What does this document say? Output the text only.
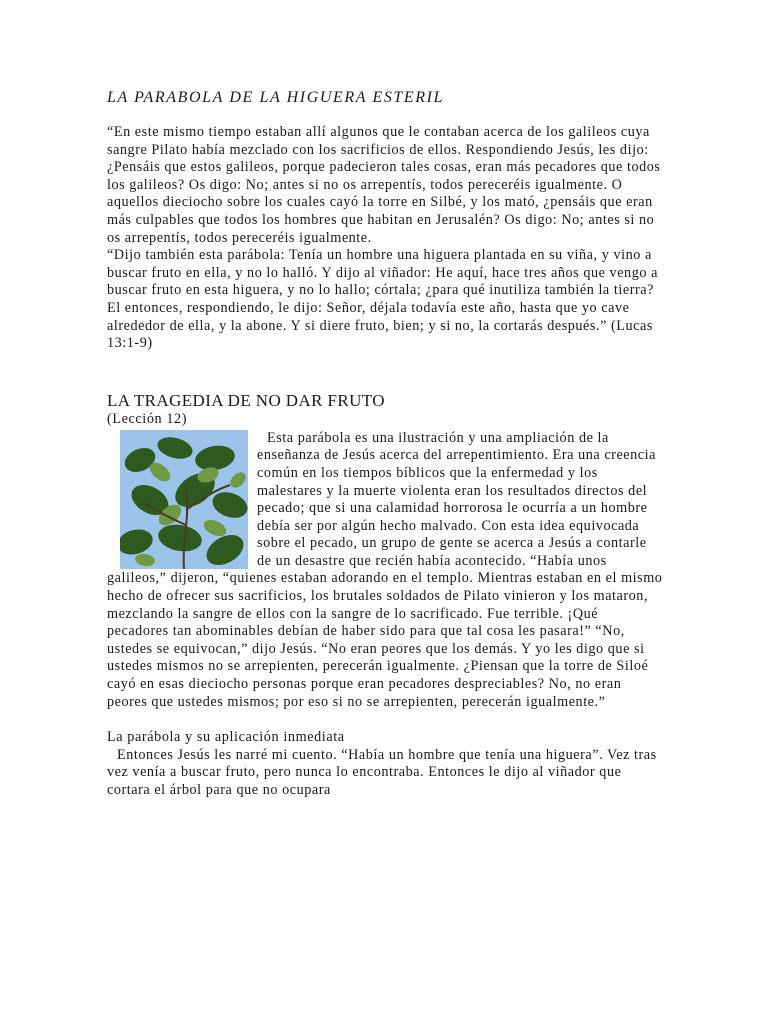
LA PARABOLA DE LA HIGUERA ESTERIL

“En este mismo tiempo estaban allí algunos que le contaban acerca de los galileos cuya sangre Pilato había mezclado con los sacrificios de ellos. Respondiendo Jesús, les dijo: ¿Pensáis que estos galileos, porque padecieron tales cosas, eran más pecadores que todos los galileos? Os digo: No; antes si no os arrepentís, todos pereceréis igualmente. O aquellos dieciocho sobre los cuales cayó la torre en Silbé, y los mató, ¿pensáis que eran más culpables que todos los hombres que habitan en Jerusalén? Os digo: No; antes si no os arrepentís, todos pereceréis igualmente.

“Dijo también esta parábola: Tenía un hombre una higuera plantada en su viña, y vino a buscar fruto en ella, y no lo halló. Y dijo al viñador: He aquí, hace tres años que vengo a buscar fruto en esta higuera, y no lo hallo; córtala; ¿para qué inutiliza también la tierra? El entonces, respondiendo, le dijo: Señor, déjala todavía este año, hasta que yo cave alrededor de ella, y la abone. Y si diere fruto, bien; y si no, la cortarás después.” (Lucas 13:1-9)

LA TRAGEDIA DE NO DAR FRUTO
(Lección 12)

Esta parábola es una ilustración y una ampliación de la enseñanza de Jesús acerca del arrepentimiento. Era una creencia común en los tiempos bíblicos que la enfermedad y los malestares y la muerte violenta eran los resultados directos del pecado; que si una calamidad horrorosa le ocurría a un hombre debía ser por algún hecho malvado. Con esta idea equivocada sobre el pecado, un grupo de gente se acerca a Jesús a contarle de un desastre que recién había acontecido. “Había unos galileos,” dijeron, “quienes estaban adorando en el templo. Mientras estaban en el mismo hecho de ofrecer sus sacrificios, los brutales soldados de Pilato vinieron y los mataron, mezclando la sangre de ellos con la sangre de lo sacrificado. Fue terrible. ¡Qué pecadores tan abominables debían de haber sido para que tal cosa les pasara!” “No, ustedes se equivocan,” dijo Jesús. “No eran peores que los demás. Y yo les digo que si ustedes mismos no se arrepienten, perecerán igualmente. ¿Piensan que la torre de Siloé cayó en esas dieciocho personas porque eran pecadores despreciables? No, no eran peores que ustedes mismos; por eso si no se arrepienten, perecerán igualmente.”

La parábola y su aplicación inmediata

Entonces Jesús les narré mi cuento. “Había un hombre que tenía una higuera”. Vez tras vez venía a buscar fruto, pero nunca lo encontraba. Entonces le dijo al viñador que cortara el árbol para que no ocupara
